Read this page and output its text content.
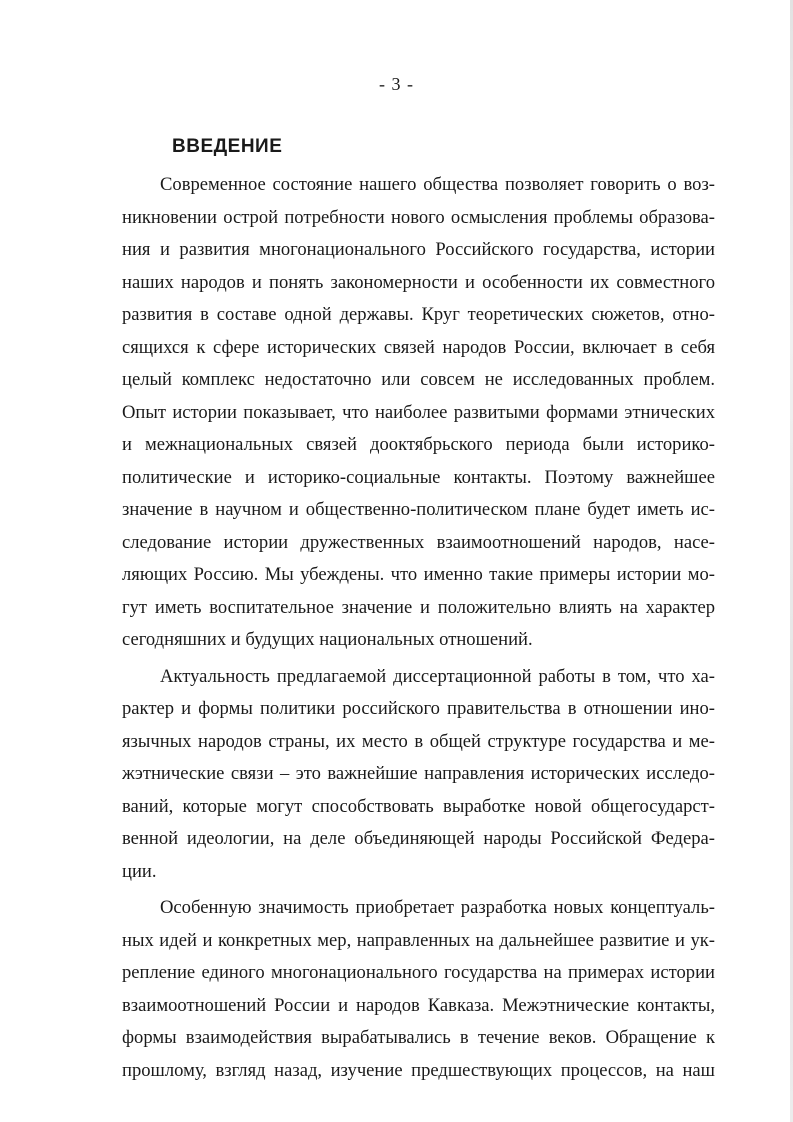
- 3 -
ВВЕДЕНИЕ
Современное состояние нашего общества позволяет говорить о воз-
никновении острой потребности нового осмысления проблемы образова-
ния и развития многонационального Российского государства, истории
наших народов и понять закономерности и особенности их совместного
развития в составе одной державы. Круг теоретических сюжетов, отно-
сящихся к сфере исторических связей народов России, включает в себя
целый комплекс недостаточно или совсем не исследованных проблем.
Опыт истории показывает, что наиболее развитыми формами этнических
и межнациональных связей дооктябрьского периода были историко-
политические и историко-социальные контакты. Поэтому важнейшее
значение в научном и общественно-политическом плане будет иметь ис-
следование истории дружественных взаимоотношений народов, насе-
ляющих Россию. Мы убеждены. что именно такие примеры истории мо-
гут иметь воспитательное значение и положительно влиять на характер
сегодняшних и будущих национальных отношений.
Актуальность предлагаемой диссертационной работы в том, что ха-
рактер и формы политики российского правительства в отношении ино-
язычных народов страны, их место в общей структуре государства и ме-
жэтнические связи – это важнейшие направления исторических исследо-
ваний, которые могут способствовать выработке новой общегосударст-
венной идеологии, на деле объединяющей народы Российской Федера-
ции.
Особенную значимость приобретает разработка новых концептуаль-
ных идей и конкретных мер, направленных на дальнейшее развитие и ук-
репление единого многонационального государства на примерах истории
взаимоотношений России и народов Кавказа. Межэтнические контакты,
формы взаимодействия вырабатывались в течение веков. Обращение к
прошлому, взгляд назад, изучение предшествующих процессов, на наш
